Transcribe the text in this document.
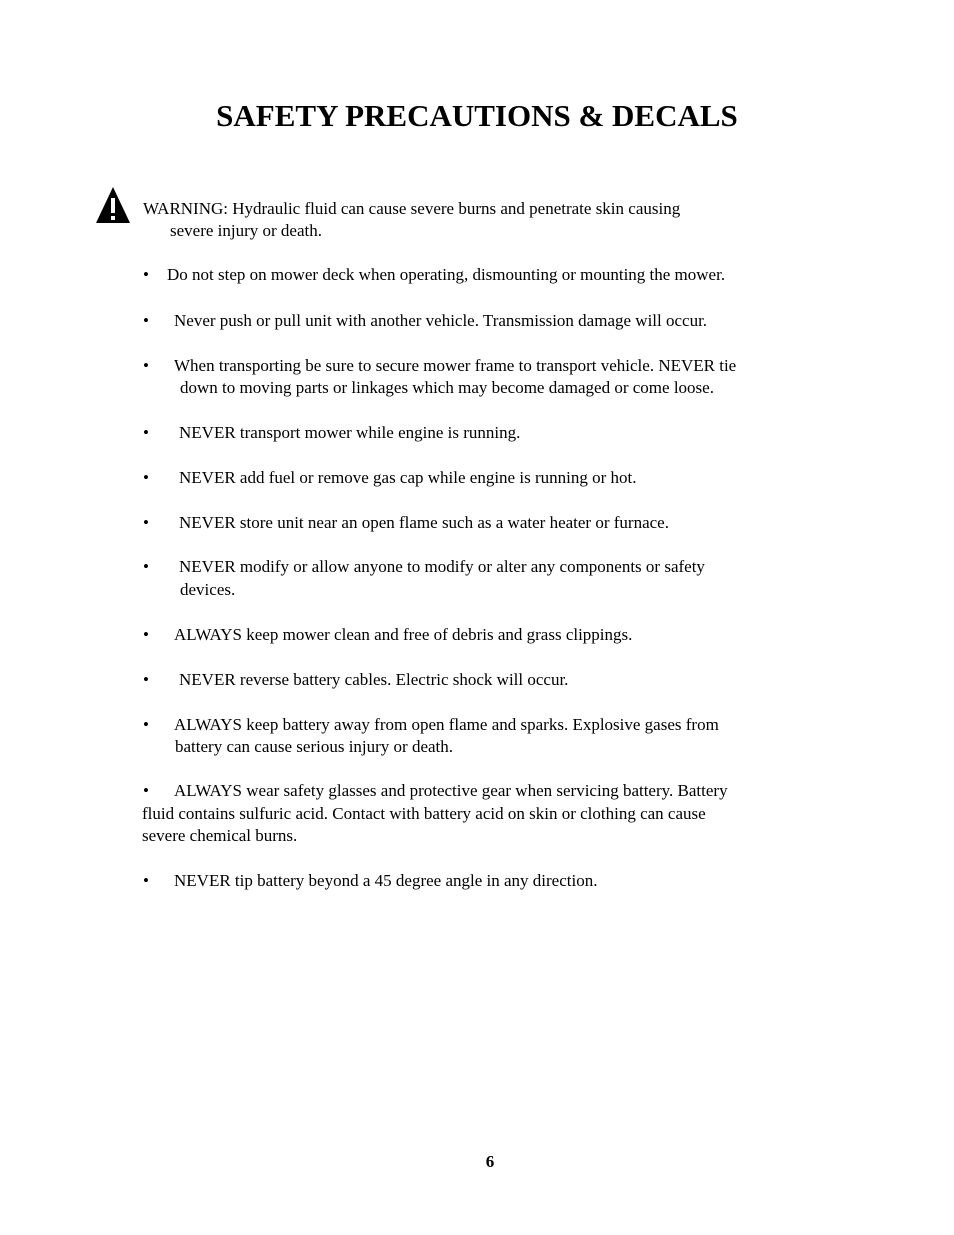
SAFETY PRECAUTIONS & DECALS
WARNING: Hydraulic fluid can cause severe burns and penetrate skin causing
severe injury or death.
• Do not step on mower deck when operating, dismounting or mounting the mower.
• Never push or pull unit with another vehicle. Transmission damage will occur.
• When transporting be sure to secure mower frame to transport vehicle. NEVER tie
down to moving parts or linkages which may become damaged or come loose.
• NEVER transport mower while engine is running.
• NEVER add fuel or remove gas cap while engine is running or hot.
• NEVER store unit near an open flame such as a water heater or furnace.
• NEVER modify or allow anyone to modify or alter any components or safety
devices.
• ALWAYS keep mower clean and free of debris and grass clippings.
• NEVER reverse battery cables. Electric shock will occur.
• ALWAYS keep battery away from open flame and sparks. Explosive gases from
battery can cause serious injury or death.
• ALWAYS wear safety glasses and protective gear when servicing battery. Battery
fluid contains sulfuric acid. Contact with battery acid on skin or clothing can cause
severe chemical burns.
• NEVER tip battery beyond a 45 degree angle in any direction.
6
